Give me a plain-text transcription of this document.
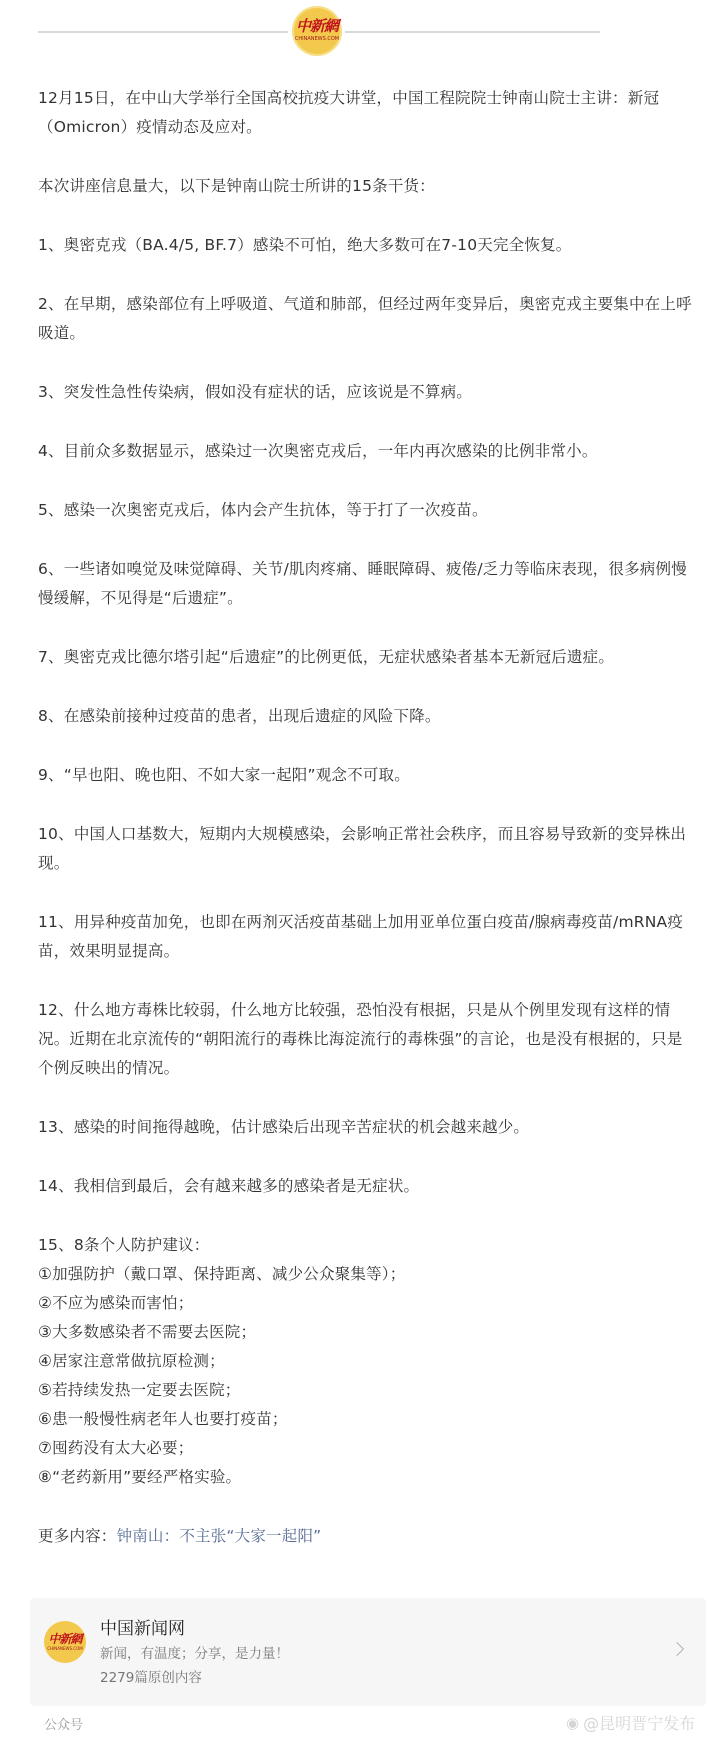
中新網
CHINANEWS.COM

12月15日，在中山大学举行全国高校抗疫大讲堂，中国工程院院士钟南山院士主讲：新冠（Omicron）疫情动态及应对。

本次讲座信息量大，以下是钟南山院士所讲的15条干货：

1、奥密克戎（BA.4/5, BF.7）感染不可怕，绝大多数可在7-10天完全恢复。

2、在早期，感染部位有上呼吸道、气道和肺部，但经过两年变异后，奥密克戎主要集中在上呼吸道。

3、突发性急性传染病，假如没有症状的话，应该说是不算病。

4、目前众多数据显示，感染过一次奥密克戎后，一年内再次感染的比例非常小。

5、感染一次奥密克戎后，体内会产生抗体，等于打了一次疫苗。

6、一些诸如嗅觉及味觉障碍、关节/肌肉疼痛、睡眠障碍、疲倦/乏力等临床表现，很多病例慢慢缓解，不见得是“后遗症”。

7、奥密克戎比德尔塔引起“后遗症”的比例更低，无症状感染者基本无新冠后遗症。

8、在感染前接种过疫苗的患者，出现后遗症的风险下降。

9、“早也阳、晚也阳、不如大家一起阳”观念不可取。

10、中国人口基数大，短期内大规模感染，会影响正常社会秩序，而且容易导致新的变异株出现。

11、用异种疫苗加免，也即在两剂灭活疫苗基础上加用亚单位蛋白疫苗/腺病毒疫苗/mRNA疫苗，效果明显提高。

12、什么地方毒株比较弱，什么地方比较强，恐怕没有根据，只是从个例里发现有这样的情况。近期在北京流传的“朝阳流行的毒株比海淀流行的毒株强”的言论，也是没有根据的，只是个例反映出的情况。

13、感染的时间拖得越晚，估计感染后出现辛苦症状的机会越来越少。

14、我相信到最后，会有越来越多的感染者是无症状。

15、8条个人防护建议：
①加强防护（戴口罩、保持距离、减少公众聚集等）；
②不应为感染而害怕；
③大多数感染者不需要去医院；
④居家注意常做抗原检测；
⑤若持续发热一定要去医院；
⑥患一般慢性病老年人也要打疫苗；
⑦囤药没有太大必要；
⑧“老药新用”要经严格实验。

更多内容：钟南山：不主张“大家一起阳”

中新網
CHINANEWS.COM
中国新闻网
新闻，有温度；分享，是力量！
2279篇原创内容
公众号	◉ @昆明晋宁发布
